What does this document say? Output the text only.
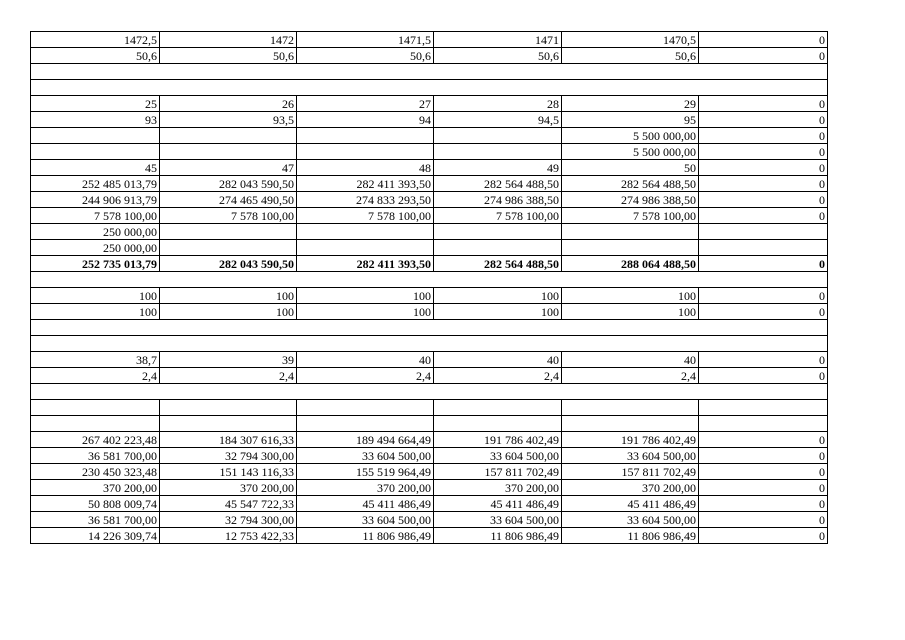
1472,5	1472	1471,5	1471	1470,5	0
50,6	50,6	50,6	50,6	50,6	0

25	26	27	28	29	0
93	93,5	94	94,5	95	0
				5 500 000,00	0
				5 500 000,00	0
45	47	48	49	50	0
252 485 013,79	282 043 590,50	282 411 393,50	282 564 488,50	282 564 488,50	0
244 906 913,79	274 465 490,50	274 833 293,50	274 986 388,50	274 986 388,50	0
7 578 100,00	7 578 100,00	7 578 100,00	7 578 100,00	7 578 100,00	0
250 000,00					
250 000,00					
252 735 013,79	282 043 590,50	282 411 393,50	282 564 488,50	288 064 488,50	0

100	100	100	100	100	0
100	100	100	100	100	0

38,7	39	40	40	40	0
2,4	2,4	2,4	2,4	2,4	0

267 402 223,48	184 307 616,33	189 494 664,49	191 786 402,49	191 786 402,49	0
36 581 700,00	32 794 300,00	33 604 500,00	33 604 500,00	33 604 500,00	0
230 450 323,48	151 143 116,33	155 519 964,49	157 811 702,49	157 811 702,49	0
370 200,00	370 200,00	370 200,00	370 200,00	370 200,00	0
50 808 009,74	45 547 722,33	45 411 486,49	45 411 486,49	45 411 486,49	0
36 581 700,00	32 794 300,00	33 604 500,00	33 604 500,00	33 604 500,00	0
14 226 309,74	12 753 422,33	11 806 986,49	11 806 986,49	11 806 986,49	0
